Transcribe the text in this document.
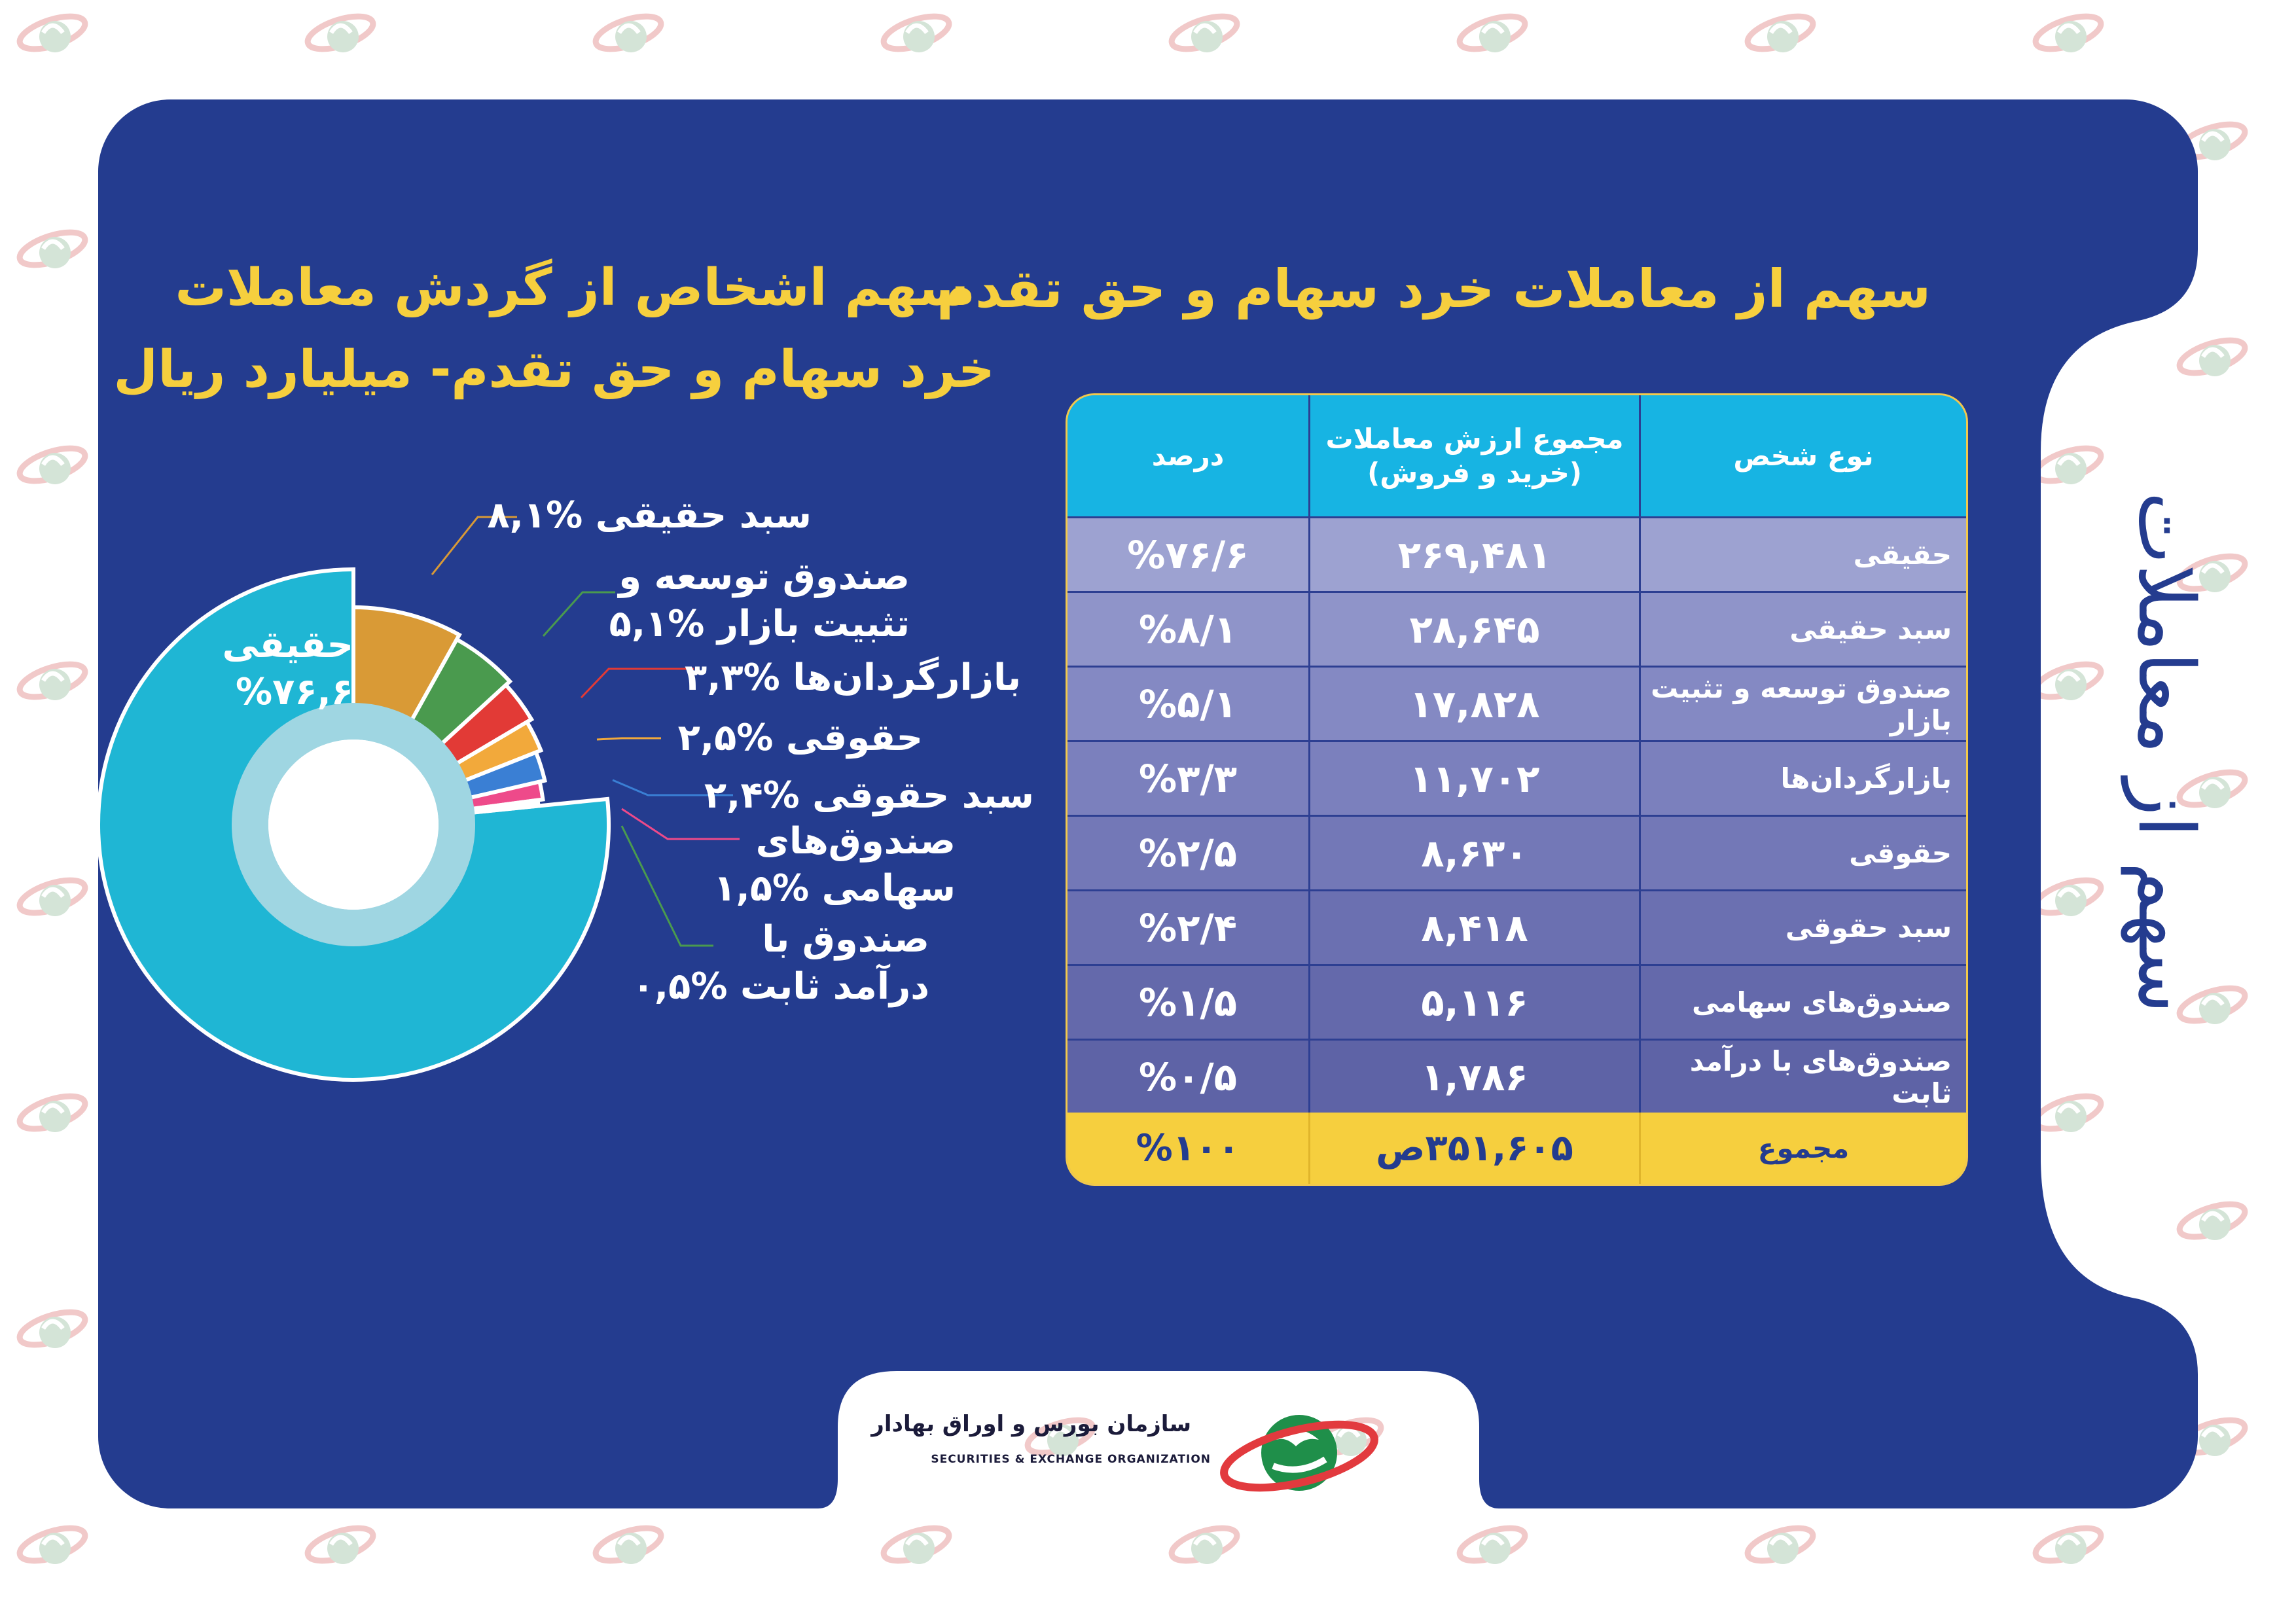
سهم اشخاص از گردش معاملات
خرد سهام و حق تقدم- میلیارد ریال
سهم از معاملات خرد سهام و حق تقدم
حقیقی
%۷۶,۶
سبد حقیقی %۸,۱
صندوق توسعه و
تثبیت بازار %۵,۱
بازارگردان‌ها %۳,۳
حقوقی %۲,۵
سبد حقوقی %۲,۴
صندوق‌های
سهامی %۱,۵
صندوق با
درآمد ثابت %۰,۵
نوع شخص
مجموع ارزش معاملات
(خرید و فروش)
درصد
حقیقی
۲۶۹,۴۸۱
%۷۶/۶
سبد حقیقی
۲۸,۶۴۵
%۸/۱
صندوق توسعه و تثبیت بازار
۱۷,۸۲۸
%۵/۱
بازارگردان‌ها
۱۱,۷۰۲
%۳/۳
حقوقی
۸,۶۳۰
%۲/۵
سبد حقوقی
۸,۴۱۸
%۲/۴
صندوق‌های سهامی
۵,۱۱۶
%۱/۵
صندوق‌های با درآمد ثابت
۱,۷۸۶
%۰/۵
مجموع
۳۵۱,۶۰۵ص
%۱۰۰
سهم از معاملات
سازمان بورس و اوراق بهادار
SECURITIES & EXCHANGE ORGANIZATION
